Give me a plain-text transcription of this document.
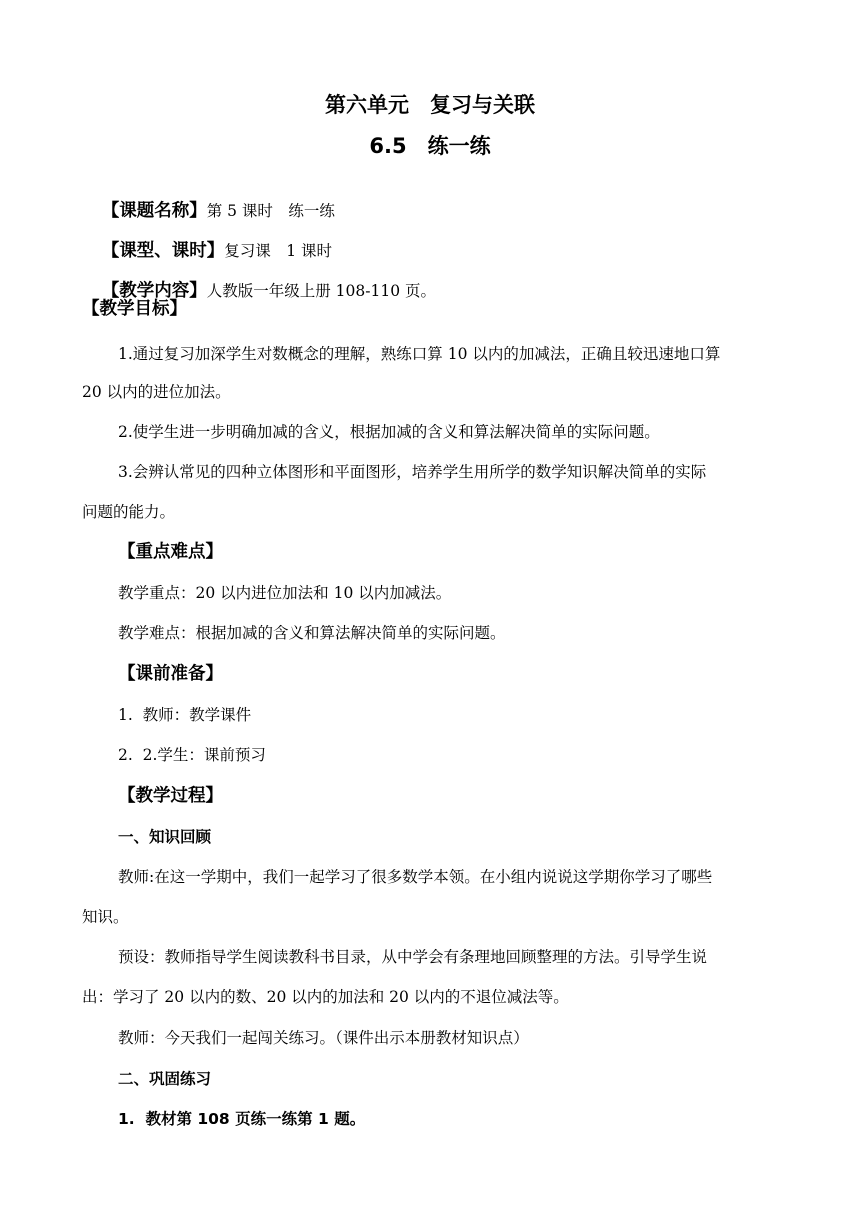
第六单元　复习与关联
6.5　练一练

【课题名称】第 5 课时　练一练

【课型、课时】复习课　1 课时

【教学内容】人教版一年级上册 108-110 页。

【教学目标】
1.通过复习加深学生对数概念的理解，熟练口算 10 以内的加减法，正确且较迅速地口算
20 以内的进位加法。
2.使学生进一步明确加减的含义，根据加减的含义和算法解决简单的实际问题。
3.会辨认常见的四种立体图形和平面图形，培养学生用所学的数学知识解决简单的实际
问题的能力。
【重点难点】
教学重点：20 以内进位加法和 10 以内加减法。
教学难点：根据加减的含义和算法解决简单的实际问题。
【课前准备】
1.  教师：教学课件
2.  2.学生：课前预习
【教学过程】
一、知识回顾
教师:在这一学期中，我们一起学习了很多数学本领。在小组内说说这学期你学习了哪些
知识。
预设：教师指导学生阅读教科书目录，从中学会有条理地回顾整理的方法。引导学生说
出：学习了 20 以内的数、20 以内的加法和 20 以内的不退位减法等。
教师：今天我们一起闯关练习。（课件出示本册教材知识点）
二、巩固练习
1.  教材第 108 页练一练第 1 题。
